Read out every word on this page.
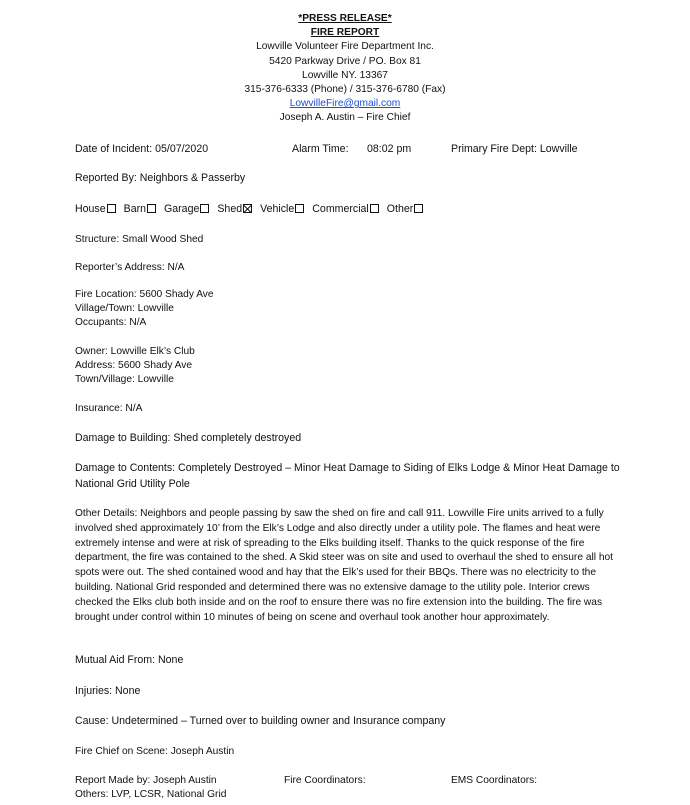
*PRESS RELEASE*
FIRE REPORT
Lowville Volunteer Fire Department Inc.
5420 Parkway Drive / PO. Box 81
Lowville NY. 13367
315-376-6333 (Phone) / 315-376-6780 (Fax)
LowvilleFire@gmail.com
Joseph A. Austin – Fire Chief
Date of Incident: 05/07/2020	Alarm Time: 08:02 pm	Primary Fire Dept: Lowville
Reported By: Neighbors & Passerby
House Barn Garage Shed Vehicle Commercial Other
Structure: Small Wood Shed
Reporter’s Address: N/A
Fire Location: 5600 Shady Ave
Village/Town: Lowville
Occupants: N/A
Owner: Lowville Elk’s Club
Address: 5600 Shady Ave
Town/Village: Lowville
Insurance: N/A
Damage to Building: Shed completely destroyed
Damage to Contents: Completely Destroyed – Minor Heat Damage to Siding of Elks Lodge & Minor Heat Damage to National Grid Utility Pole
Other Details: Neighbors and people passing by saw the shed on fire and call 911. Lowville Fire units arrived to a fully involved shed approximately 10’ from the Elk’s Lodge and also directly under a utility pole. The flames and heat were extremely intense and were at risk of spreading to the Elks building itself. Thanks to the quick response of the fire department, the fire was contained to the shed. A Skid steer was on site and used to overhaul the shed to ensure all hot spots were out. The shed contained wood and hay that the Elk’s used for their BBQs. There was no electricity to the building. National Grid responded and determined there was no extensive damage to the utility pole. Interior crews checked the Elks club both inside and on the roof to ensure there was no fire extension into the building. The fire was brought under control within 10 minutes of being on scene and overhaul took another hour approximately.
Mutual Aid From: None
Injuries: None
Cause: Undetermined – Turned over to building owner and Insurance company
Fire Chief on Scene: Joseph Austin
Report Made by: Joseph Austin	Fire Coordinators:	EMS Coordinators:
Others: LVP, LCSR, National Grid
